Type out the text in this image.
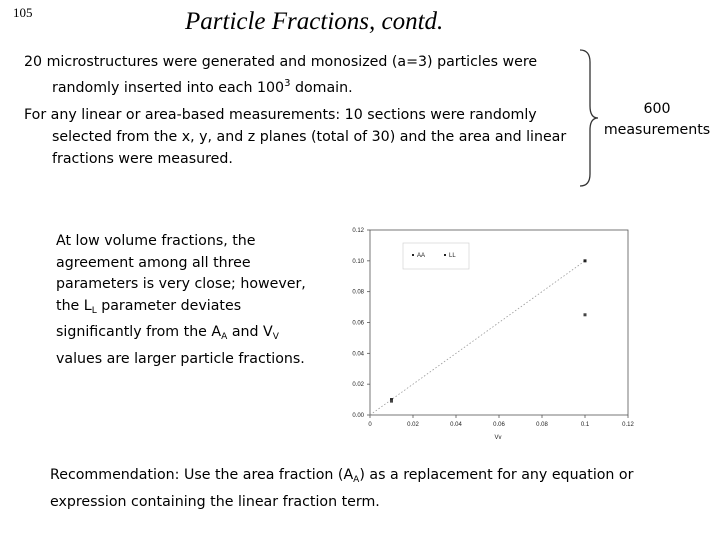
105	Particle Fractions, contd.
20 microstructures were generated and monosized (a=3) particles were
randomly inserted into each $100^3$ domain.
For any linear or area-based measurements: 10 sections were randomly
selected from the x, y, and z planes (total of 30) and the area and linear
fractions were measured.
600
measurements
At low volume fractions, the agreement among all three parameters is very close; however, the $L_L$ parameter deviates significantly from the $A_A$ and $V_V$ values are larger particle fractions.
0	0.02	0.04	0.06	0.08	0.1	0.12
0.00
0.02
0.04
0.06
0.08
0.10
0.12
Vv
AA	LL
Recommendation: Use the area fraction $(A_A)$ as a replacement for any equation or expression containing the linear fraction term.
